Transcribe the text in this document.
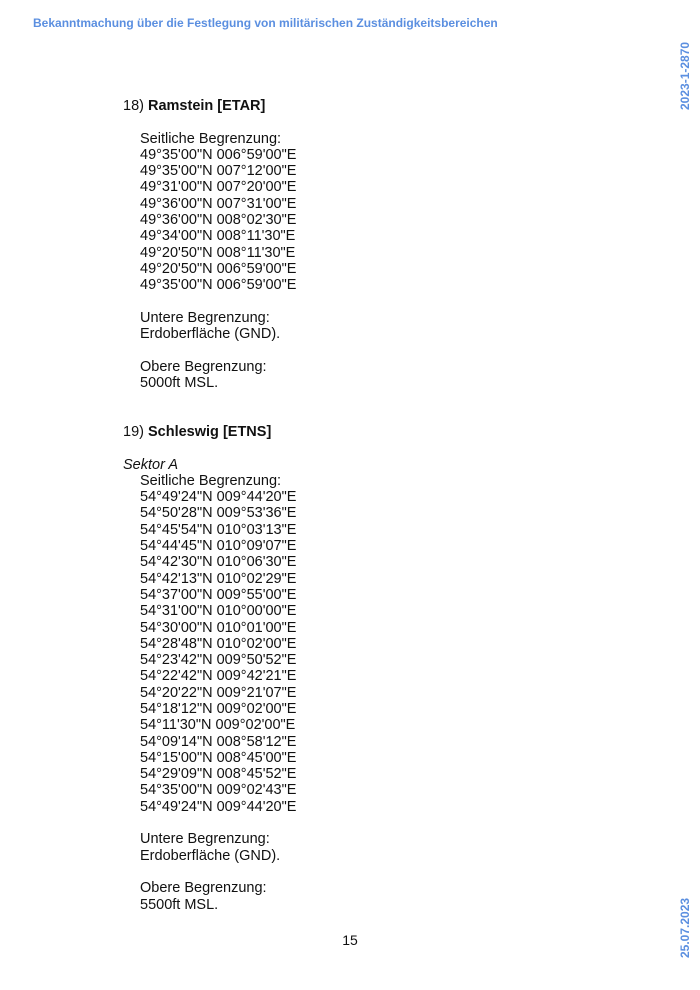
Bekanntmachung über die Festlegung von militärischen Zuständigkeitsbereichen
2023-1-2870
25.07.2023
18) Ramstein [ETAR]
Seitliche Begrenzung:
49°35'00"N 006°59'00"E
49°35'00"N 007°12'00"E
49°31'00"N 007°20'00"E
49°36'00"N 007°31'00"E
49°36'00"N 008°02'30"E
49°34'00"N 008°11'30"E
49°20'50"N 008°11'30"E
49°20'50"N 006°59'00"E
49°35'00"N 006°59'00"E
Untere Begrenzung:
Erdoberfläche (GND).
Obere Begrenzung:
5000ft MSL.
19) Schleswig [ETNS]
Sektor A
Seitliche Begrenzung:
54°49'24"N 009°44'20"E
54°50'28"N 009°53'36"E
54°45'54"N 010°03'13"E
54°44'45"N 010°09'07"E
54°42'30"N 010°06'30"E
54°42'13"N 010°02'29"E
54°37'00"N 009°55'00"E
54°31'00"N 010°00'00"E
54°30'00"N 010°01'00"E
54°28'48"N 010°02'00"E
54°23'42"N 009°50'52"E
54°22'42"N 009°42'21"E
54°20'22"N 009°21'07"E
54°18'12"N 009°02'00"E
54°11'30"N 009°02'00"E
54°09'14"N 008°58'12"E
54°15'00"N 008°45'00"E
54°29'09"N 008°45'52"E
54°35'00"N 009°02'43"E
54°49'24"N 009°44'20"E
Untere Begrenzung:
Erdoberfläche (GND).
Obere Begrenzung:
5500ft MSL.
15
